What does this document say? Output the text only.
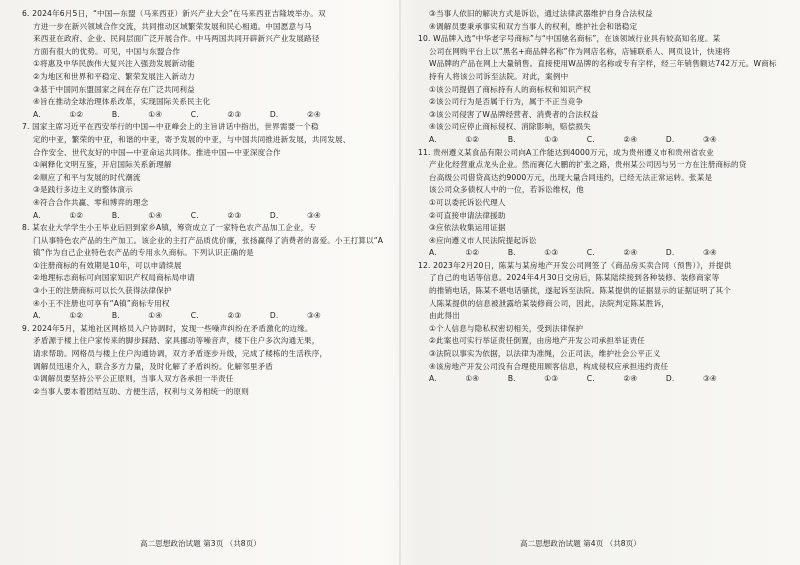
6. 2024年6月5日，“中国—东盟（马来西亚）新兴产业大会”在马来西亚吉隆坡举办。双
方进一步在新兴领域合作交流，共同推动区域繁荣发展和民心相通。中国愿意与马
来西亚在政府、企业、民间层面广泛开展合作。中马两国共同开辟新兴产业发展路径
方面有很大的优势。可见，中国与东盟合作
①将惠及中华民族伟大复兴注入强劲发展新动能
②为地区和世界和平稳定、繁荣发展注入新动力
③基于中国同东盟国家之间在存在广泛共同利益
④旨在推动全球治理体系改革，实现国际关系民主化
A. ①② B. ①④ C. ②③ D. ②④
7. 国家主席习近平在西安举行的中国—中亚峰会上的主旨讲话中指出，世界需要一个稳
定的中亚，繁荣的中亚，和谐的中亚，寄予发展的中亚，与中国共同推进新发展，共同发展、
合作安全、世代友好的中国—中亚命运共同体。推进中国—中亚深度合作
①阐释化文明互鉴，开启国际关系新理解
②顺应了和平与发展的时代潮流
③是践行多边主义的整体演示
④符合合作共赢、零和博弈的理念
A. ①② B. ①④ C. ②③ D. ③④
8. 某农业大学学生小王毕业后回到家乡A镇，筹资成立了一家特色农产品加工企业，专
门从事特色农产品的生产加工。该企业的主打产品质优价廉，张扬赢得了消费者的喜爱。小王打算以“A
镇”作为自己企业特色农产品的专用永久商标。下列认识正确的是
①注册商标的有效期是10年，可以申请续展
②地理标志商标可向国家知识产权局商标局申请
③小王的注册商标可以长久获得法律保护
④小王不注册也可享有“A镇”商标专用权
A. ①② B. ①④ C. ②③ D. ③④
9. 2024年5月，某地社区网格员入户协调时，发现一些噪声纠纷在矛盾激化的边缘。
矛盾源于楼上住户家传来的脚步踩踏、家具挪动等噪音声，楼下住户多次沟通无果，
请求帮助。网格员与楼上住户沟通协调，双方矛盾逐步升级，完成了楼栋的生活秩序，
调解员迅速介入，联合多方力量，及时化解了矛盾纠纷。化解邻里矛盾
①调解员要坚持公平公正原则，当事人双方各承担一半责任
②当事人要本着团结互助、方便生活，权利与义务相统一的原则
③当事人依旧的解决方式是诉讼，通过法律武器维护自身合法权益
④调解员要秉承事实和双方当事人的权利，维护社会和谐稳定
10. W品牌入选“中华老字号商标”与“中国驰名商标”，在该领域行业具有较高知名度。某
公司在网购平台上以“黑名+商品牌名称”作为网店名称，店铺联系人、网页设计，快速将
W品牌的产品在网上大量销售。直接使用W品牌的名称或专有字样，经三年销售额达742万元。W商标
持有人将该公司诉至法院。对此，案例中
①该公司提倡了商标持有人的商标权和知识产权
②该公司行为是否属于行为，属于不正当竞争
③该公司侵害了W品牌经营者、消费者的合法权益
④该公司应停止商标侵权、消除影响，赔偿损失
A. ①② B. ①③ C. ②④ D. ③④
11. 贵州遵义某食品有限公司向A工作能达到4000万元，成为贵州遵义市和贵州省农业
产业化经营重点龙头企业。然而赛亿大鹏的扩张之路，贵州某公司因与另一方在注册商标的贷
台高级公司借贷高达约9000万元，出现大量合同违约，已经无法正常运转。张某是
该公司众多债权人中的一位，若诉讼维权，他
①可以委托诉讼代理人
②可直接申请法律援助
③应依法收集运用证据
④应向遵义市人民法院提起诉讼
A. ①② B. ①③ C. ②④ D. ③④
12. 2023年2月20日，陈某与某房地产开发公司网签了《商品房买卖合同（预售）》，并提供
了自己的电话等信息。2024年4月30日交房后，陈某陆续接到各种装修、装修商家等
的推销电话，陈某不堪电话骚扰，遂起诉至法院。陈某提供的证据显示的证据证明了其个
人陈某提供的信息被泄露给某装修商公司，因此，法院判定陈某胜诉，
由此得出
①个人信息与隐私权密切相关，受到法律保护
②此案也可实行举证责任倒置，由房地产开发公司承担举证责任
③法院以事实为依据，以法律为准绳，公正司法，维护社会公平正义
④该房地产开发公司没有合理使用顾客信息，构成侵权应承担违约责任
A. ①④ B. ①③ C. ②④ D. ③④
高二思想政治试题 第3页 （共8页）	高二思想政治试题 第4页 （共8页）
